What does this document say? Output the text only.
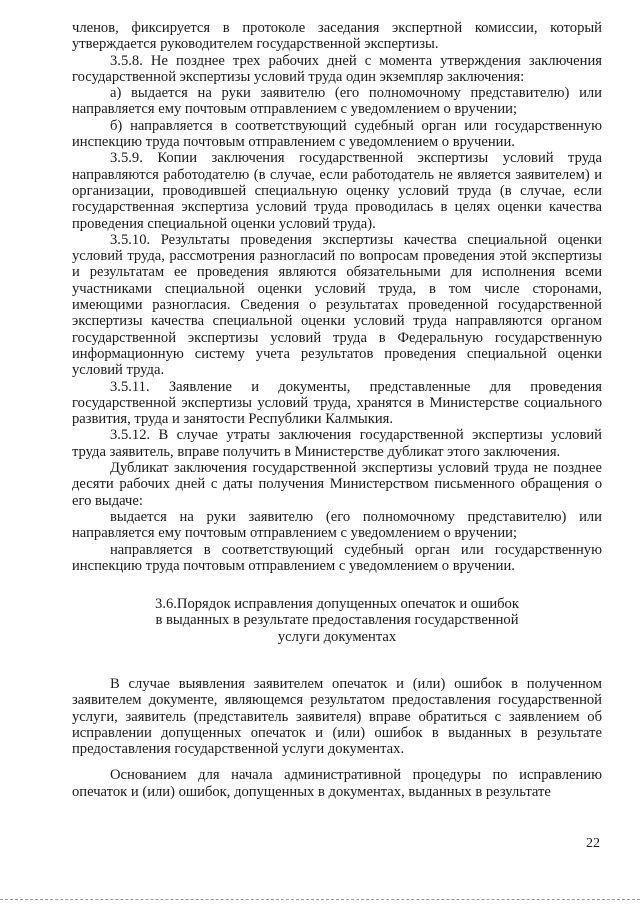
членов, фиксируется в протоколе заседания экспертной комиссии, который утверждается руководителем государственной экспертизы.

3.5.8. Не позднее трех рабочих дней с момента утверждения заключения государственной экспертизы условий труда один экземпляр заключения:

а) выдается на руки заявителю (его полномочному представителю) или направляется ему почтовым отправлением с уведомлением о вручении;

б) направляется в соответствующий судебный орган или государственную инспекцию труда почтовым отправлением с уведомлением о вручении.

3.5.9. Копии заключения государственной экспертизы условий труда направляются работодателю (в случае, если работодатель не является заявителем) и организации, проводившей специальную оценку условий труда (в случае, если государственная экспертиза условий труда проводилась в целях оценки качества проведения специальной оценки условий труда).

3.5.10. Результаты проведения экспертизы качества специальной оценки условий труда, рассмотрения разногласий по вопросам проведения этой экспертизы и результатам ее проведения являются обязательными для исполнения всеми участниками специальной оценки условий труда, в том числе сторонами, имеющими разногласия. Сведения о результатах проведенной государственной экспертизы качества специальной оценки условий труда направляются органом государственной экспертизы условий труда в Федеральную государственную информационную систему учета результатов проведения специальной оценки условий труда.

3.5.11. Заявление и документы, представленные для проведения государственной экспертизы условий труда, хранятся в Министерстве социального развития, труда и занятости Республики Калмыкия.

3.5.12. В случае утраты заключения государственной экспертизы условий труда заявитель, вправе получить в Министерстве дубликат этого заключения.

Дубликат заключения государственной экспертизы условий труда не позднее десяти рабочих дней с даты получения Министерством письменного обращения о его выдаче:

выдается на руки заявителю (его полномочному представителю) или направляется ему почтовым отправлением с уведомлением о вручении;

направляется в соответствующий судебный орган или государственную инспекцию труда почтовым отправлением с уведомлением о вручении.

3.6.Порядок исправления допущенных опечаток и ошибок
в выданных в результате предоставления государственной
услуги документах

В случае выявления заявителем опечаток и (или) ошибок в полученном заявителем документе, являющемся результатом предоставления государственной услуги, заявитель (представитель заявителя) вправе обратиться с заявлением об исправлении допущенных опечаток и (или) ошибок в выданных в результате предоставления государственной услуги документах.

Основанием для начала административной процедуры по исправлению опечаток и (или) ошибок, допущенных в документах, выданных в результате

22
